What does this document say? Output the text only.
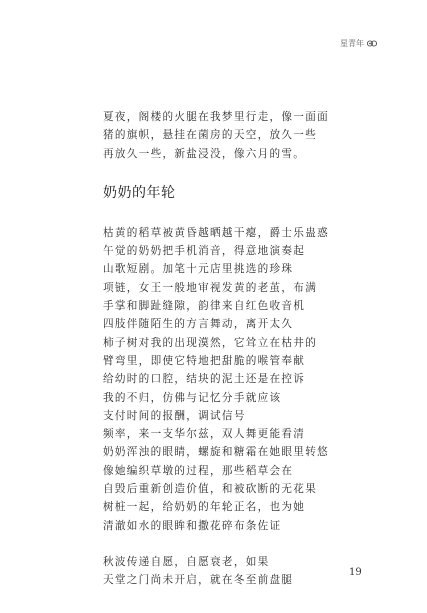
星青年
夏夜，阁楼的火腿在我梦里行走，像一面面
猪的旗帜，悬挂在菌房的天空，放久一些
再放久一些，新盐浸没，像六月的雪。
奶奶的年轮
枯黄的稻草被黄昏越晒越干瘪，爵士乐蛊惑
午觉的奶奶把手机消音，得意地演奏起
山歌短剧。加笔十元店里挑选的珍珠
项链，女王一般地审视发黄的老茧，布满
手掌和脚趾缝隙，韵律来自红色收音机
四肢伴随陌生的方言舞动，离开太久
柿子树对我的出现漠然，它耸立在枯井的
臂弯里，即使它特地把甜脆的喉管奉献
给幼时的口腔，结块的泥土还是在控诉
我的不归，仿佛与记忆分手就应该
支付时间的报酬，调试信号
频率，来一支华尔兹，双人舞更能看清
奶奶浑浊的眼睛，螺旋和糖霜在她眼里转悠
像她编织草墩的过程，那些稻草会在
自毁后重新创造价值，和被砍断的无花果
树桩一起，给奶奶的年轮正名，也为她
清澈如水的眼眸和撒花碎布条佐证
秋波传递自愿，自愿衰老，如果
天堂之门尚未开启，就在冬至前盘腿
19
